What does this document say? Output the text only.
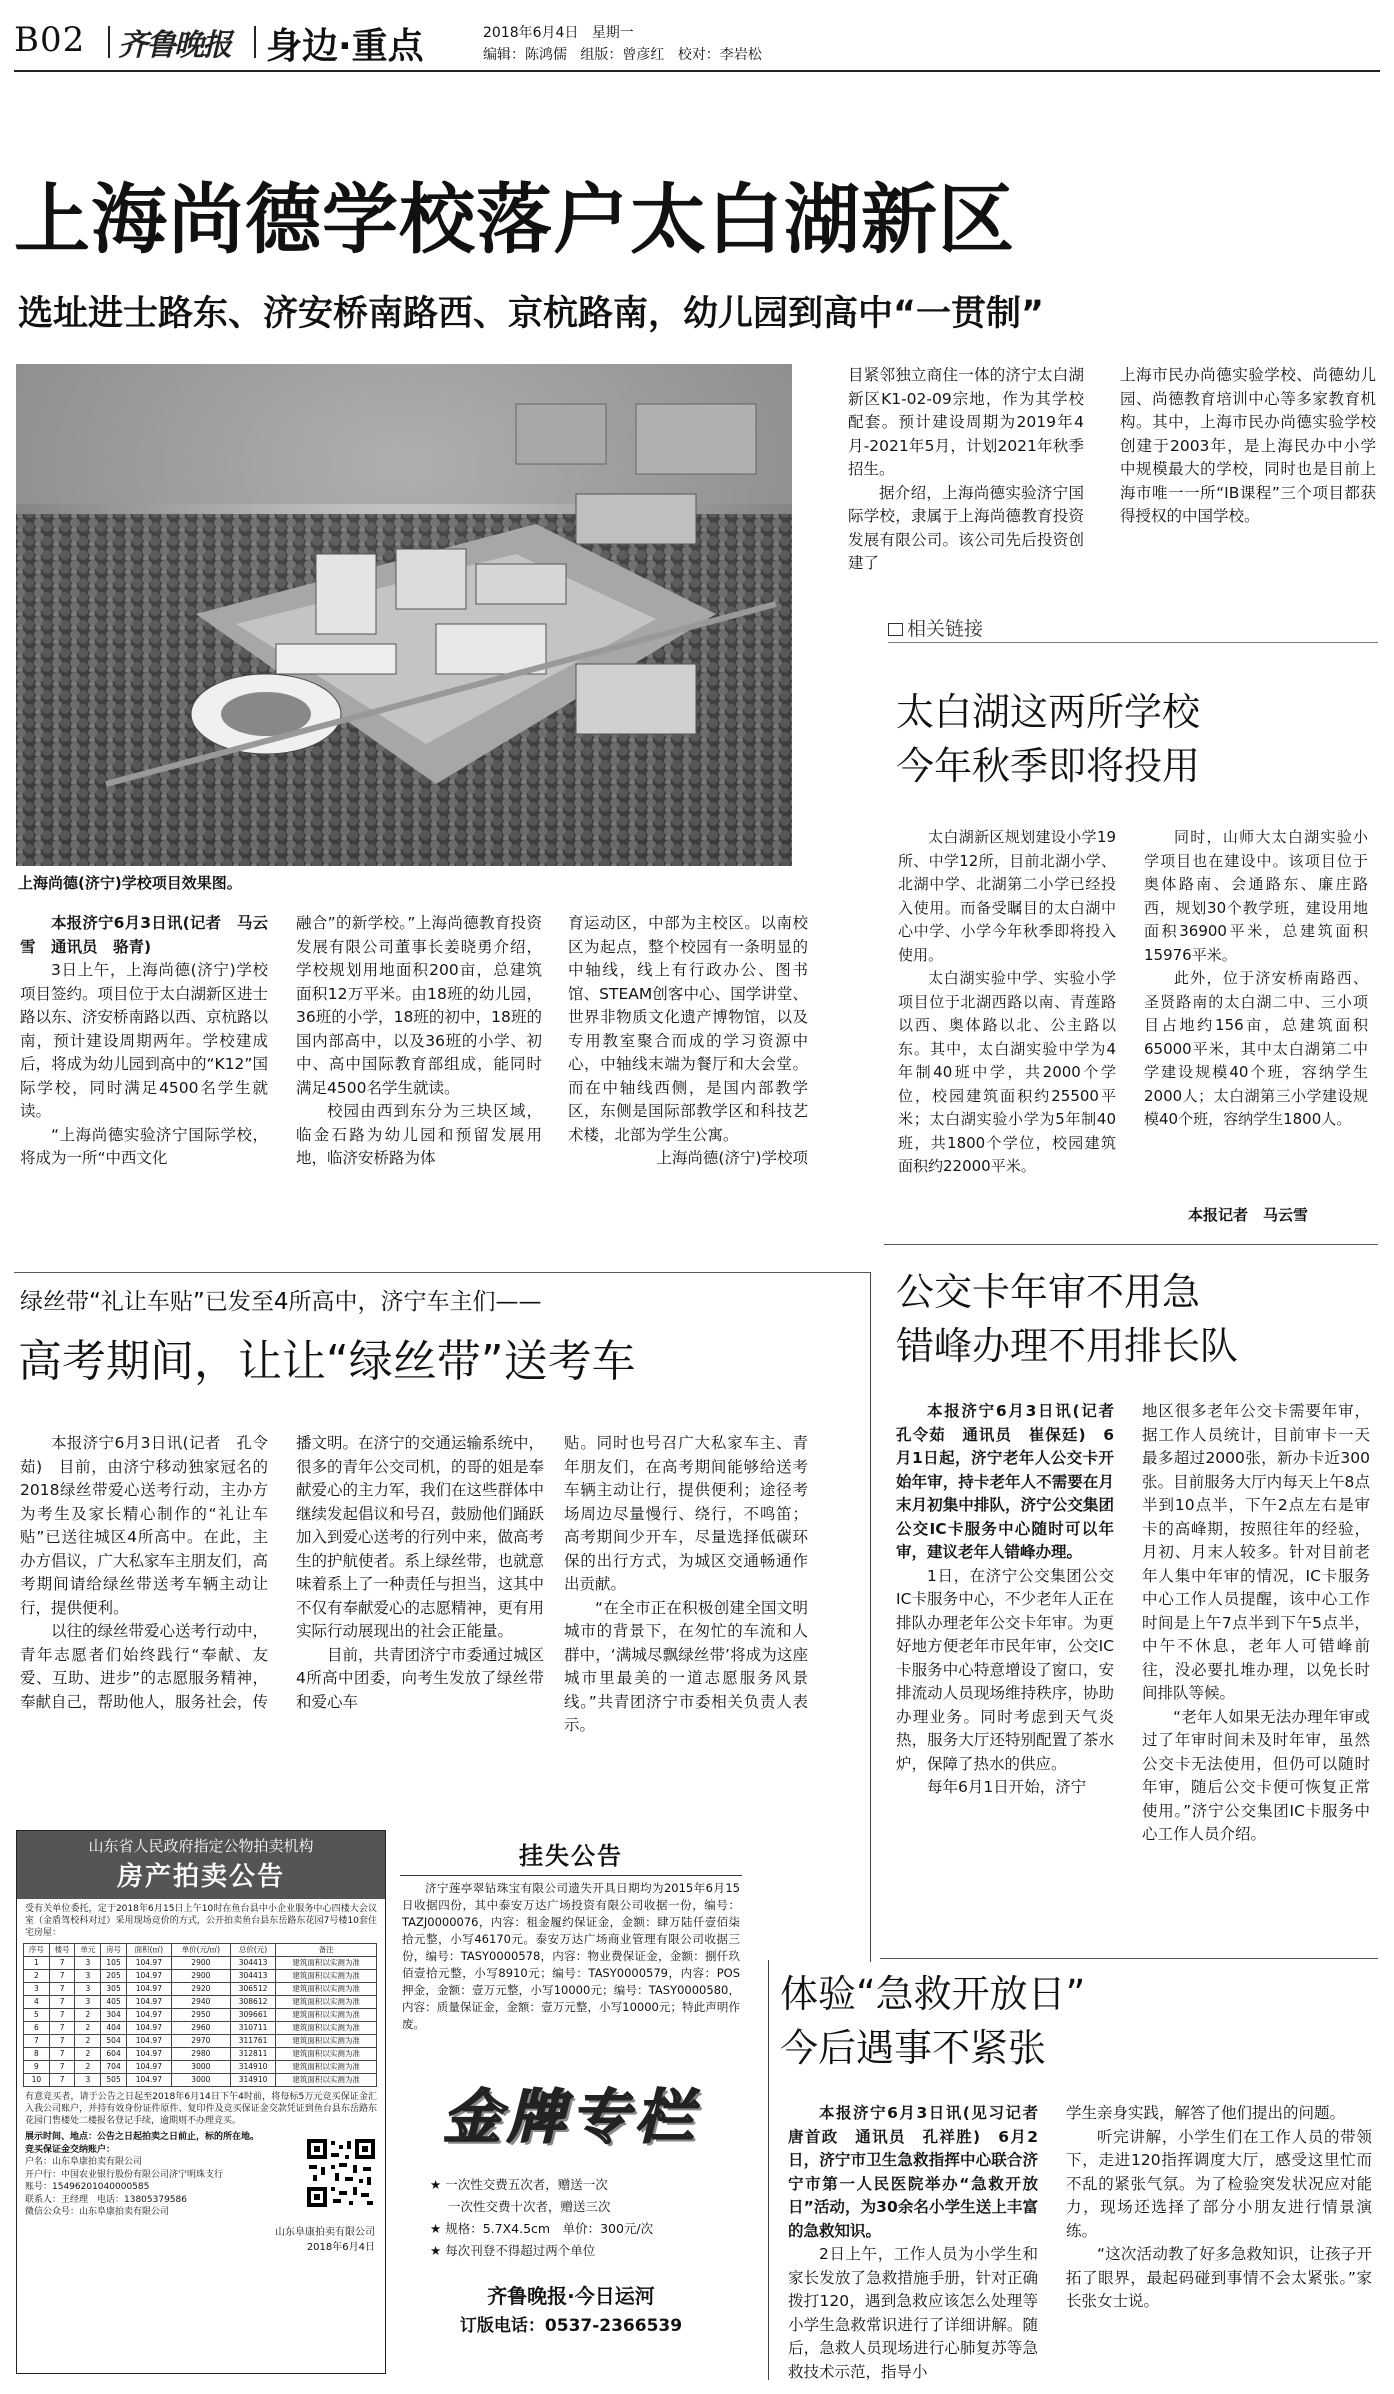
B02 齐鲁晚报 身边·重点	2018年6月4日 星期一
编辑：陈鸿儒 组版：曾彦红 校对：李岩松
上海尚德学校落户太白湖新区
选址进士路东、济安桥南路西、京杭路南，幼儿园到高中“一贯制”
上海尚德(济宁)学校项目效果图。

目紧邻独立商住一体的济宁太白湖新区K1-02-09宗地，作为其学校配套。预计建设周期为2019年4月-2021年5月，计划2021年秋季招生。

据介绍，上海尚德实验济宁国际学校，隶属于上海尚德教育投资发展有限公司。该公司先后投资创建了

上海市民办尚德实验学校、尚德幼儿园、尚德教育培训中心等多家教育机构。其中，上海市民办尚德实验学校创建于2003年，是上海民办中小学中规模最大的学校，同时也是目前上海市唯一一所“IB课程”三个项目都获得授权的中国学校。

本报济宁6月3日讯(记者　马云雪　通讯员　骆青)

3日上午，上海尚德(济宁)学校项目签约。项目位于太白湖新区进士路以东、济安桥南路以西、京杭路以南，预计建设周期两年。学校建成后，将成为幼儿园到高中的“K12”国际学校，同时满足4500名学生就读。

“上海尚德实验济宁国际学校，将成为一所“中西文化

融合”的新学校。”上海尚德教育投资发展有限公司董事长姜晓勇介绍，学校规划用地面积200亩，总建筑面积12万平米。由18班的幼儿园，36班的小学，18班的初中，18班的国内部高中，以及36班的小学、初中、高中国际教育部组成，能同时满足4500名学生就读。

校园由西到东分为三块区域，临金石路为幼儿园和预留发展用地，临济安桥路为体

育运动区，中部为主校区。以南校区为起点，整个校园有一条明显的中轴线，线上有行政办公、图书馆、STEAM创客中心、国学讲堂、世界非物质文化遗产博物馆，以及专用教室聚合而成的学习资源中心，中轴线末端为餐厅和大会堂。而在中轴线西侧，是国内部教学区，东侧是国际部教学区和科技艺术楼，北部为学生公寓。

上海尚德(济宁)学校项

相关链接
太白湖这两所学校
今年秋季即将投用

太白湖新区规划建设小学19所、中学12所，目前北湖小学、北湖中学、北湖第二小学已经投入使用。而备受瞩目的太白湖中心中学、小学今年秋季即将投入使用。

太白湖实验中学、实验小学项目位于北湖西路以南、青莲路以西、奥体路以北、公主路以东。其中，太白湖实验中学为4年制40班中学，共2000个学位，校园建筑面积约25500平米；太白湖实验小学为5年制40班，共1800个学位，校园建筑面积约22000平米。

同时，山师大太白湖实验小学项目也在建设中。该项目位于奥体路南、会通路东、廉庄路西，规划30个教学班，建设用地面积36900平米，总建筑面积15976平米。

此外，位于济安桥南路西、圣贤路南的太白湖二中、三小项目占地约156亩，总建筑面积65000平米，其中太白湖第二中学建设规模40个班，容纳学生2000人；太白湖第三小学建设规模40个班，容纳学生1800人。

本报记者　马云雪
绿丝带“礼让车贴”已发至4所高中，济宁车主们——
高考期间，让让“绿丝带”送考车

本报济宁6月3日讯(记者　孔令茹)　目前，由济宁移动独家冠名的2018绿丝带爱心送考行动，主办方为考生及家长精心制作的“礼让车贴”已送往城区4所高中。在此，主办方倡议，广大私家车主朋友们，高考期间请给绿丝带送考车辆主动让行，提供便利。

以往的绿丝带爱心送考行动中，青年志愿者们始终践行“奉献、友爱、互助、进步”的志愿服务精神，奉献自己，帮助他人，服务社会，传

播文明。在济宁的交通运输系统中，很多的青年公交司机，的哥的姐是奉献爱心的主力军，我们在这些群体中继续发起倡议和号召，鼓励他们踊跃加入到爱心送考的行列中来，做高考生的护航使者。系上绿丝带，也就意味着系上了一种责任与担当，这其中不仅有奉献爱心的志愿精神，更有用实际行动展现出的社会正能量。

目前，共青团济宁市委通过城区4所高中团委，向考生发放了绿丝带和爱心车

贴。同时也号召广大私家车主、青年朋友们，在高考期间能够给送考车辆主动让行，提供便利；途径考场周边尽量慢行、绕行，不鸣笛；高考期间少开车，尽量选择低碳环保的出行方式，为城区交通畅通作出贡献。

“在全市正在积极创建全国文明城市的背景下，在匆忙的车流和人群中，‘满城尽飘绿丝带’将成为这座城市里最美的一道志愿服务风景线。”共青团济宁市委相关负责人表示。

公交卡年审不用急
错峰办理不用排长队

本报济宁6月3日讯(记者　孔令茹　通讯员　崔保廷)　6月1日起，济宁老年人公交卡开始年审，持卡老年人不需要在月末月初集中排队，济宁公交集团公交IC卡服务中心随时可以年审，建议老年人错峰办理。

1日，在济宁公交集团公交IC卡服务中心，不少老年人正在排队办理老年公交卡年审。为更好地方便老年市民年审，公交IC卡服务中心特意增设了窗口，安排流动人员现场维持秩序，协助办理业务。同时考虑到天气炎热，服务大厅还特别配置了茶水炉，保障了热水的供应。

每年6月1日开始，济宁

地区很多老年公交卡需要年审，据工作人员统计，目前审卡一天最多超过2000张，新办卡近300张。目前服务大厅内每天上午8点半到10点半，下午2点左右是审卡的高峰期，按照往年的经验，月初、月末人较多。针对目前老年人集中年审的情况，IC卡服务中心工作人员提醒，该中心工作时间是上午7点半到下午5点半，中午不休息，老年人可错峰前往，没必要扎堆办理，以免长时间排队等候。

“老年人如果无法办理年审或过了年审时间未及时年审，虽然公交卡无法使用，但仍可以随时年审，随后公交卡便可恢复正常使用。”济宁公交集团IC卡服务中心工作人员介绍。

体验“急救开放日”
今后遇事不紧张

本报济宁6月3日讯(见习记者　唐首政　通讯员　孔祥胜)　6月2日，济宁市卫生急救指挥中心联合济宁市第一人民医院举办“急救开放日”活动，为30余名小学生送上丰富的急救知识。

2日上午，工作人员为小学生和家长发放了急救措施手册，针对正确拨打120，遇到急救应该怎么处理等小学生急救常识进行了详细讲解。随后，急救人员现场进行心肺复苏等急救技术示范，指导小

学生亲身实践，解答了他们提出的问题。

听完讲解，小学生们在工作人员的带领下，走进120指挥调度大厅，感受这里忙而不乱的紧张气氛。为了检验突发状况应对能力，现场还选择了部分小朋友进行情景演练。

“这次活动教了好多急救知识，让孩子开拓了眼界，最起码碰到事情不会太紧张。”家长张女士说。

山东省人民政府指定公物拍卖机构
房产拍卖公告
受有关单位委托，定于2018年6月15日上午10时在鱼台县中小企业服务中心四楼大会议室（金盾驾校科对过）采用现场竞价的方式，公开拍卖鱼台县东岳路东花园7号楼10套住宅房屋：
序号	楼号	单元	房号	面积(㎡)	单价(元/㎡)	总价(元)	备注
1	7	3	105	104.97	2900	304413	建筑面积以实测为准
2	7	3	205	104.97	2900	304413	建筑面积以实测为准
3	7	3	305	104.97	2920	306512	建筑面积以实测为准
4	7	3	405	104.97	2940	308612	建筑面积以实测为准
5	7	2	304	104.97	2950	309661	建筑面积以实测为准
6	7	2	404	104.97	2960	310711	建筑面积以实测为准
7	7	2	504	104.97	2970	311761	建筑面积以实测为准
8	7	2	604	104.97	2980	312811	建筑面积以实测为准
9	7	2	704	104.97	3000	314910	建筑面积以实测为准
10	7	3	505	104.97	3000	314910	建筑面积以实测为准
有意竞买者，请于公告之日起至2018年6月14日下午4时前，将每标5万元竞买保证金汇入我公司账户，并持有效身份证件原件、复印件及竞买保证金交款凭证到鱼台县东岳路东花园门售楼处二楼报名登记手续，逾期则不办理竞买。
展示时间、地点：公告之日起拍卖之日前止，标的所在地。
竞买保证金交纳账户：
户名：山东阜康拍卖有限公司
开户行：中国农业银行股份有限公司济宁明珠支行
账号：15496201040000585
联系人：王经理　电话：13805379586
微信公众号：山东阜康拍卖有限公司
山东阜康拍卖有限公司
2018年6月4日
挂失公告
济宁莲亭翠钻珠宝有限公司遗失开具日期均为2015年6月15日收据四份，其中泰安万达广场投资有限公司收据一份，编号：TAZJ0000076，内容：租金履约保证金，金额：肆万陆仟壹佰柒拾元整，小写46170元。泰安万达广场商业管理有限公司收据三份，编号：TASY0000578，内容：物业费保证金，金额：捌仟玖佰壹拾元整，小写8910元；编号：TASY0000579，内容：POS押金，金额：壹万元整，小写10000元；编号：TASY0000580，内容：质量保证金，金额：壹万元整，小写10000元；特此声明作废。
金牌专栏
★ 一次性交费五次者，赠送一次
一次性交费十次者，赠送三次
★ 规格：5.7X4.5cm　单价：300元/次
★ 每次刊登不得超过两个单位
齐鲁晚报·今日运河
订版电话：0537-2366539
